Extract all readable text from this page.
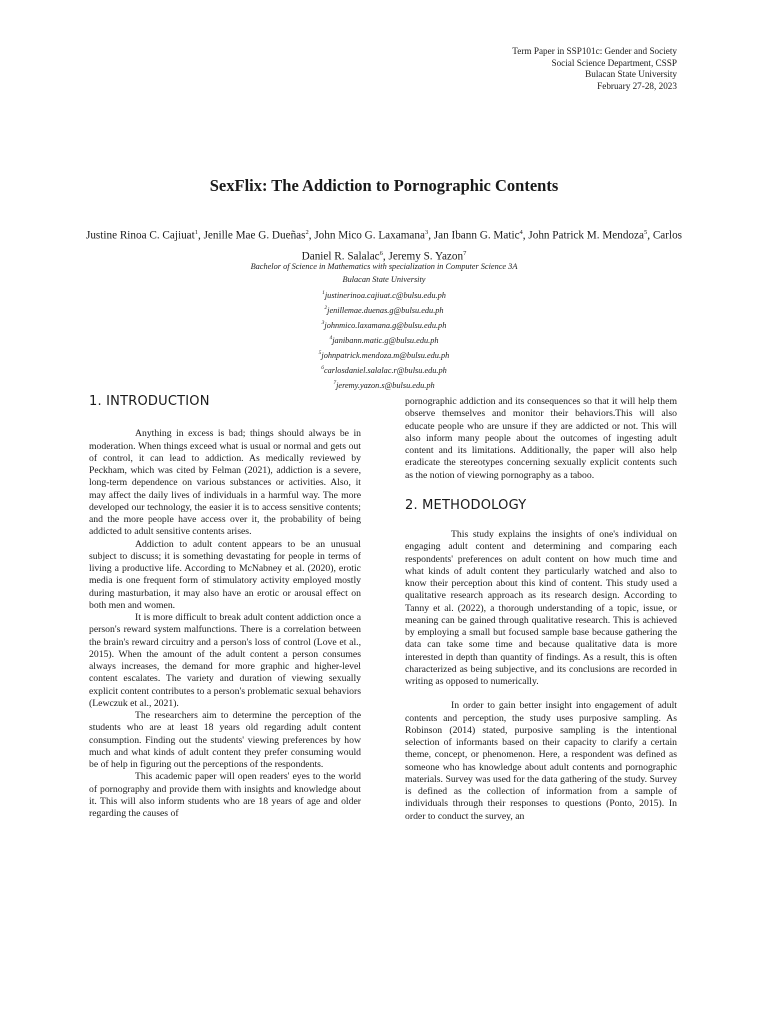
Term Paper in SSP101c: Gender and Society
Social Science Department, CSSP
Bulacan State University
February 27-28, 2023
SexFlix: The Addiction to Pornographic Contents
Justine Rinoa C. Cajiuat$^1$, Jenille Mae G. Dueñas$^2$, John Mico G. Laxamana$^3$, Jan Ibann G. Matic$^4$, John Patrick M. Mendoza$^5$, Carlos Daniel R. Salalac$^6$, Jeremy S. Yazon$^7$
Bachelor of Science in Mathematics with specialization in Computer Science 3A
Bulacan State University
$^1$justinerinoa.cajiuat.c@bulsu.edu.ph
$^2$jenillemae.duenas.g@bulsu.edu.ph
$^3$johnmico.laxamana.g@bulsu.edu.ph
$^4$janibann.matic.g@bulsu.edu.ph
$^5$johnpatrick.mendoza.m@bulsu.edu.ph
$^6$carlosdaniel.salalac.r@bulsu.edu.ph
$^7$jeremy.yazon.s@bulsu.edu.ph
1. INTRODUCTION

Anything in excess is bad; things should always be in moderation. When things exceed what is usual or normal and gets out of control, it can lead to addiction. As medically reviewed by Peckham, which was cited by Felman (2021), addiction is a severe, long-term dependence on various substances or activities. Also, it may affect the daily lives of individuals in a harmful way. The more developed our technology, the easier it is to access sensitive contents; and the more people have access over it, the probability of being addicted to adult sensitive contents arises.

Addiction to adult content appears to be an unusual subject to discuss; it is something devastating for people in terms of living a productive life. According to McNabney et al. (2020), erotic media is one frequent form of stimulatory activity employed mostly during masturbation, it may also have an erotic or arousal effect on both men and women.

It is more difficult to break adult content addiction once a person's reward system malfunctions. There is a correlation between the brain's reward circuitry and a person's loss of control (Love et al., 2015). When the amount of the adult content a person consumes always increases, the demand for more graphic and higher-level content escalates. The variety and duration of viewing sexually explicit content contributes to a person's problematic sexual behaviors (Lewczuk et al., 2021).

The researchers aim to determine the perception of the students who are at least 18 years old regarding adult content consumption. Finding out the students' viewing preferences by how much and what kinds of adult content they prefer consuming would be of help in figuring out the perceptions of the respondents.

This academic paper will open readers' eyes to the world of pornography and provide them with insights and knowledge about it. This will also inform students who are 18 years of age and older regarding the causes of

pornographic addiction and its consequences so that it will help them observe themselves and monitor their behaviors.This will also educate people who are unsure if they are addicted or not. This will also inform many people about the outcomes of ingesting adult content and its limitations. Additionally, the paper will also help eradicate the stereotypes concerning sexually explicit contents such as the notion of viewing pornography as a taboo.

2. METHODOLOGY

This study explains the insights of one's individual on engaging adult content and determining and comparing each respondents' preferences on adult content on how much time and what kinds of adult content they particularly watched and also to know their perception about this kind of content. This study used a qualitative research approach as its research design. According to Tanny et al. (2022), a thorough understanding of a topic, issue, or meaning can be gained through qualitative research. This is achieved by employing a small but focused sample base because gathering the data can take some time and because qualitative data is more interested in depth than quantity of findings. As a result, this is often characterized as being subjective, and its conclusions are recorded in writing as opposed to numerically.

In order to gain better insight into engagement of adult contents and perception, the study uses purposive sampling. As Robinson (2014) stated, purposive sampling is the intentional selection of informants based on their capacity to clarify a certain theme, concept, or phenomenon. Here, a respondent was defined as someone who has knowledge about adult contents and pornographic materials. Survey was used for the data gathering of the study. Survey is defined as the collection of information from a sample of individuals through their responses to questions (Ponto, 2015). In order to conduct the survey, an
